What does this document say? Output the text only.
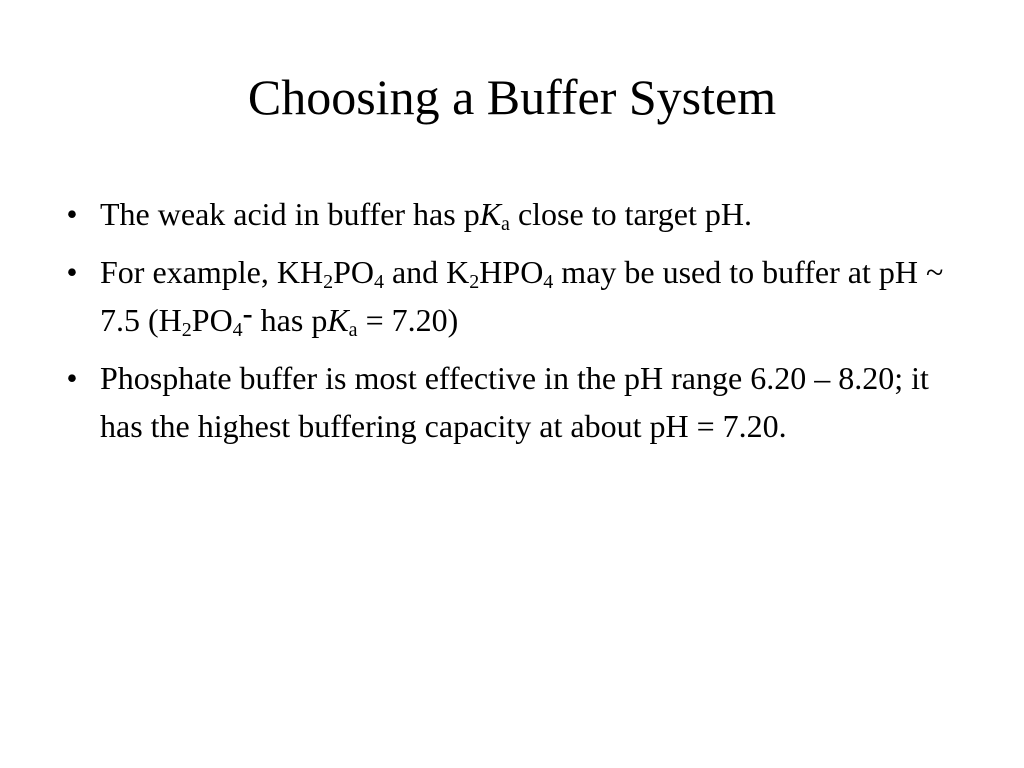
Choosing a Buffer System
• The weak acid in buffer has $pK_a$ close to target pH.
• For example, $KH_2PO_4$ and $K_2HPO_4$ may be used to buffer at pH ~ 7.5 ($H_2PO_4-$ has $pK_a = 7.20$)
• Phosphate buffer is most effective in the pH range 6.20 – 8.20; it has the highest buffering capacity at about pH = 7.20.
